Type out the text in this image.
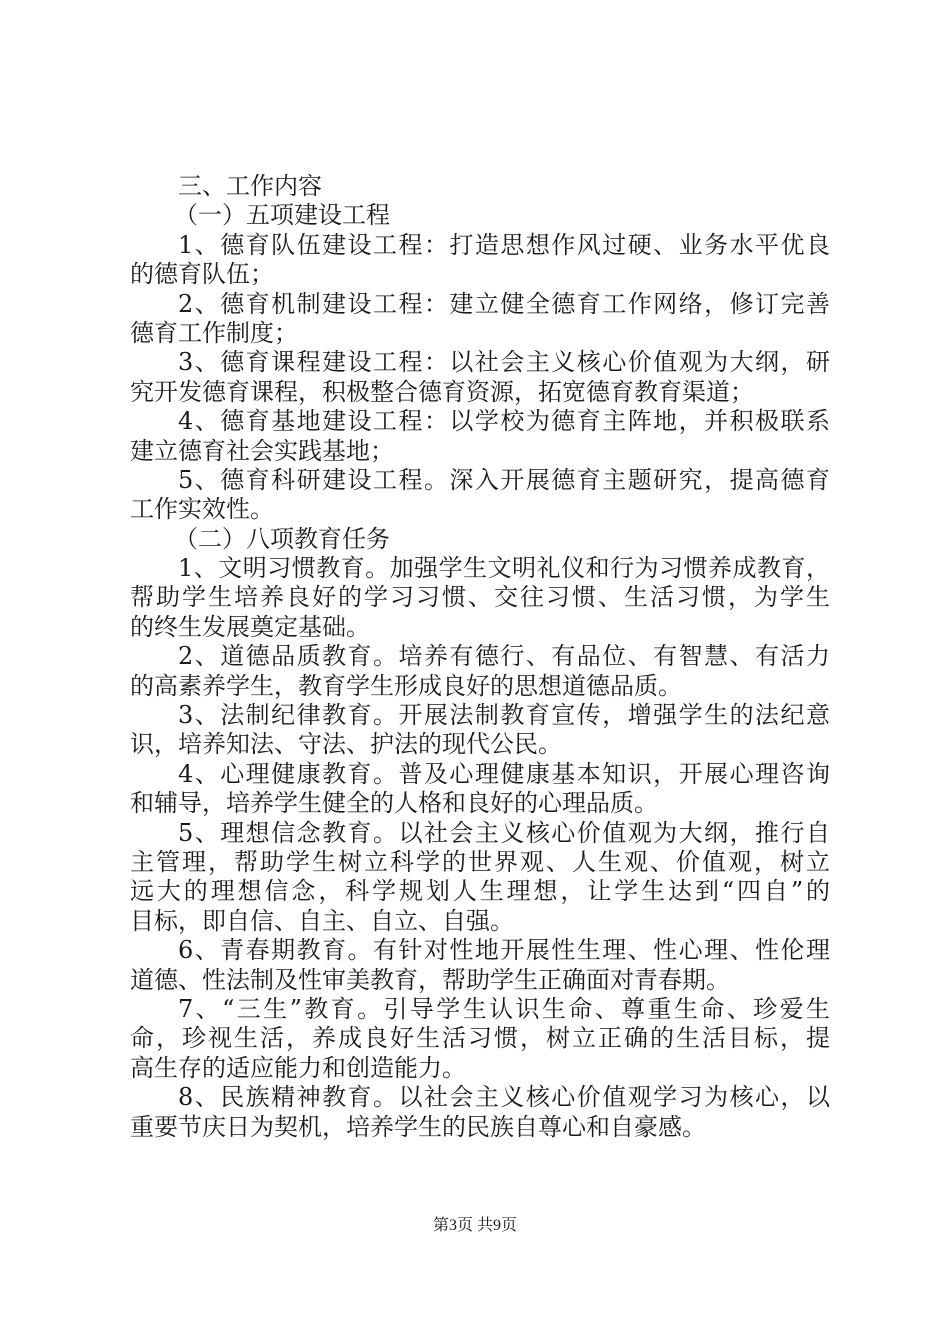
三、工作内容
（一）五项建设工程
1、德育队伍建设工程：打造思想作风过硬、业务水平优良
的德育队伍；
2、德育机制建设工程：建立健全德育工作网络，修订完善
德育工作制度；
3、德育课程建设工程：以社会主义核心价值观为大纲，研
究开发德育课程，积极整合德育资源，拓宽德育教育渠道；
4、德育基地建设工程：以学校为德育主阵地，并积极联系
建立德育社会实践基地；
5、德育科研建设工程。深入开展德育主题研究，提高德育
工作实效性。
（二）八项教育任务
1、文明习惯教育。加强学生文明礼仪和行为习惯养成教育，
帮助学生培养良好的学习习惯、交往习惯、生活习惯，为学生
的终生发展奠定基础。
2、道德品质教育。培养有德行、有品位、有智慧、有活力
的高素养学生，教育学生形成良好的思想道德品质。
3、法制纪律教育。开展法制教育宣传，增强学生的法纪意
识，培养知法、守法、护法的现代公民。
4、心理健康教育。普及心理健康基本知识，开展心理咨询
和辅导，培养学生健全的人格和良好的心理品质。
5、理想信念教育。以社会主义核心价值观为大纲，推行自
主管理，帮助学生树立科学的世界观、人生观、价值观，树立
远大的理想信念，科学规划人生理想，让学生达到“四自”的
目标，即自信、自主、自立、自强。
6、青春期教育。有针对性地开展性生理、性心理、性伦理
道德、性法制及性审美教育，帮助学生正确面对青春期。
7、“三生”教育。引导学生认识生命、尊重生命、珍爱生
命，珍视生活，养成良好生活习惯，树立正确的生活目标，提
高生存的适应能力和创造能力。
8、民族精神教育。以社会主义核心价值观学习为核心，以
重要节庆日为契机，培养学生的民族自尊心和自豪感。
第3页 共9页
